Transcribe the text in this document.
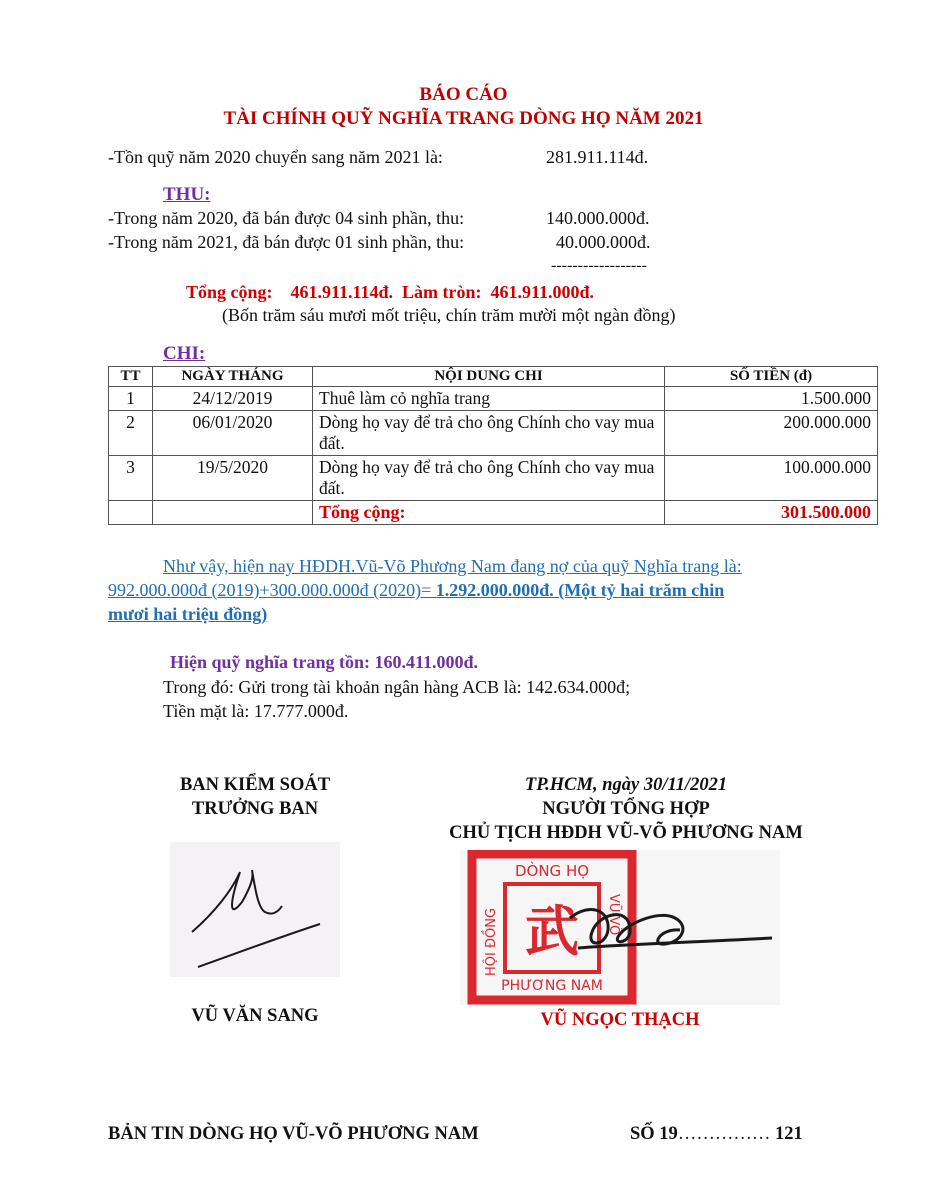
BÁO CÁO
TÀI CHÍNH QUỸ NGHĨA TRANG DÒNG HỌ NĂM 2021
-Tồn quỹ năm 2020 chuyển sang năm 2021 là:	281.911.114đ.
THU:
-Trong năm 2020, đã bán được 04 sinh phần, thu:	140.000.000đ.
-Trong năm 2021, đã bán được 01 sinh phần, thu:	40.000.000đ.
------------------
Tổng cộng:    461.911.114đ.  Làm tròn:  461.911.000đ.
(Bốn trăm sáu mươi mốt triệu, chín trăm mười một ngàn đồng)
CHI:
TT	NGÀY THÁNG	NỘI DUNG CHI	SỐ TIỀN (đ)
1	24/12/2019	Thuê làm cỏ nghĩa trang	1.500.000
2	06/01/2020	Dòng họ vay để trả cho ông Chính cho vay mua đất.	200.000.000
3	19/5/2020	Dòng họ vay để trả cho ông Chính cho vay mua đất.	100.000.000
		Tổng cộng:	301.500.000
Như vậy, hiện nay HĐDH.Vũ-Võ Phương Nam đang nợ của quỹ Nghĩa trang là:
992.000.000đ (2019)+300.000.000đ (2020)= 1.292.000.000đ. (Một tỷ hai trăm chin
mươi hai triệu đồng)
Hiện quỹ nghĩa trang tồn: 160.411.000đ.
Trong đó: Gửi trong tài khoản ngân hàng ACB là: 142.634.000đ;
Tiền mặt là: 17.777.000đ.
BAN KIỂM SOÁT
TRƯỞNG BAN
VŨ VĂN SANG
TP.HCM, ngày 30/11/2021
NGƯỜI TỔNG HỢP
CHỦ TỊCH HĐDH VŨ-VÕ PHƯƠNG NAM
DÒNG HỌ
PHƯƠNG NAM
HỘI ĐỒNG	VŨ-VÕ
武
VŨ NGỌC THẠCH
BẢN TIN DÒNG HỌ VŨ-VÕ PHƯƠNG NAM	SỐ 19…………… 121
